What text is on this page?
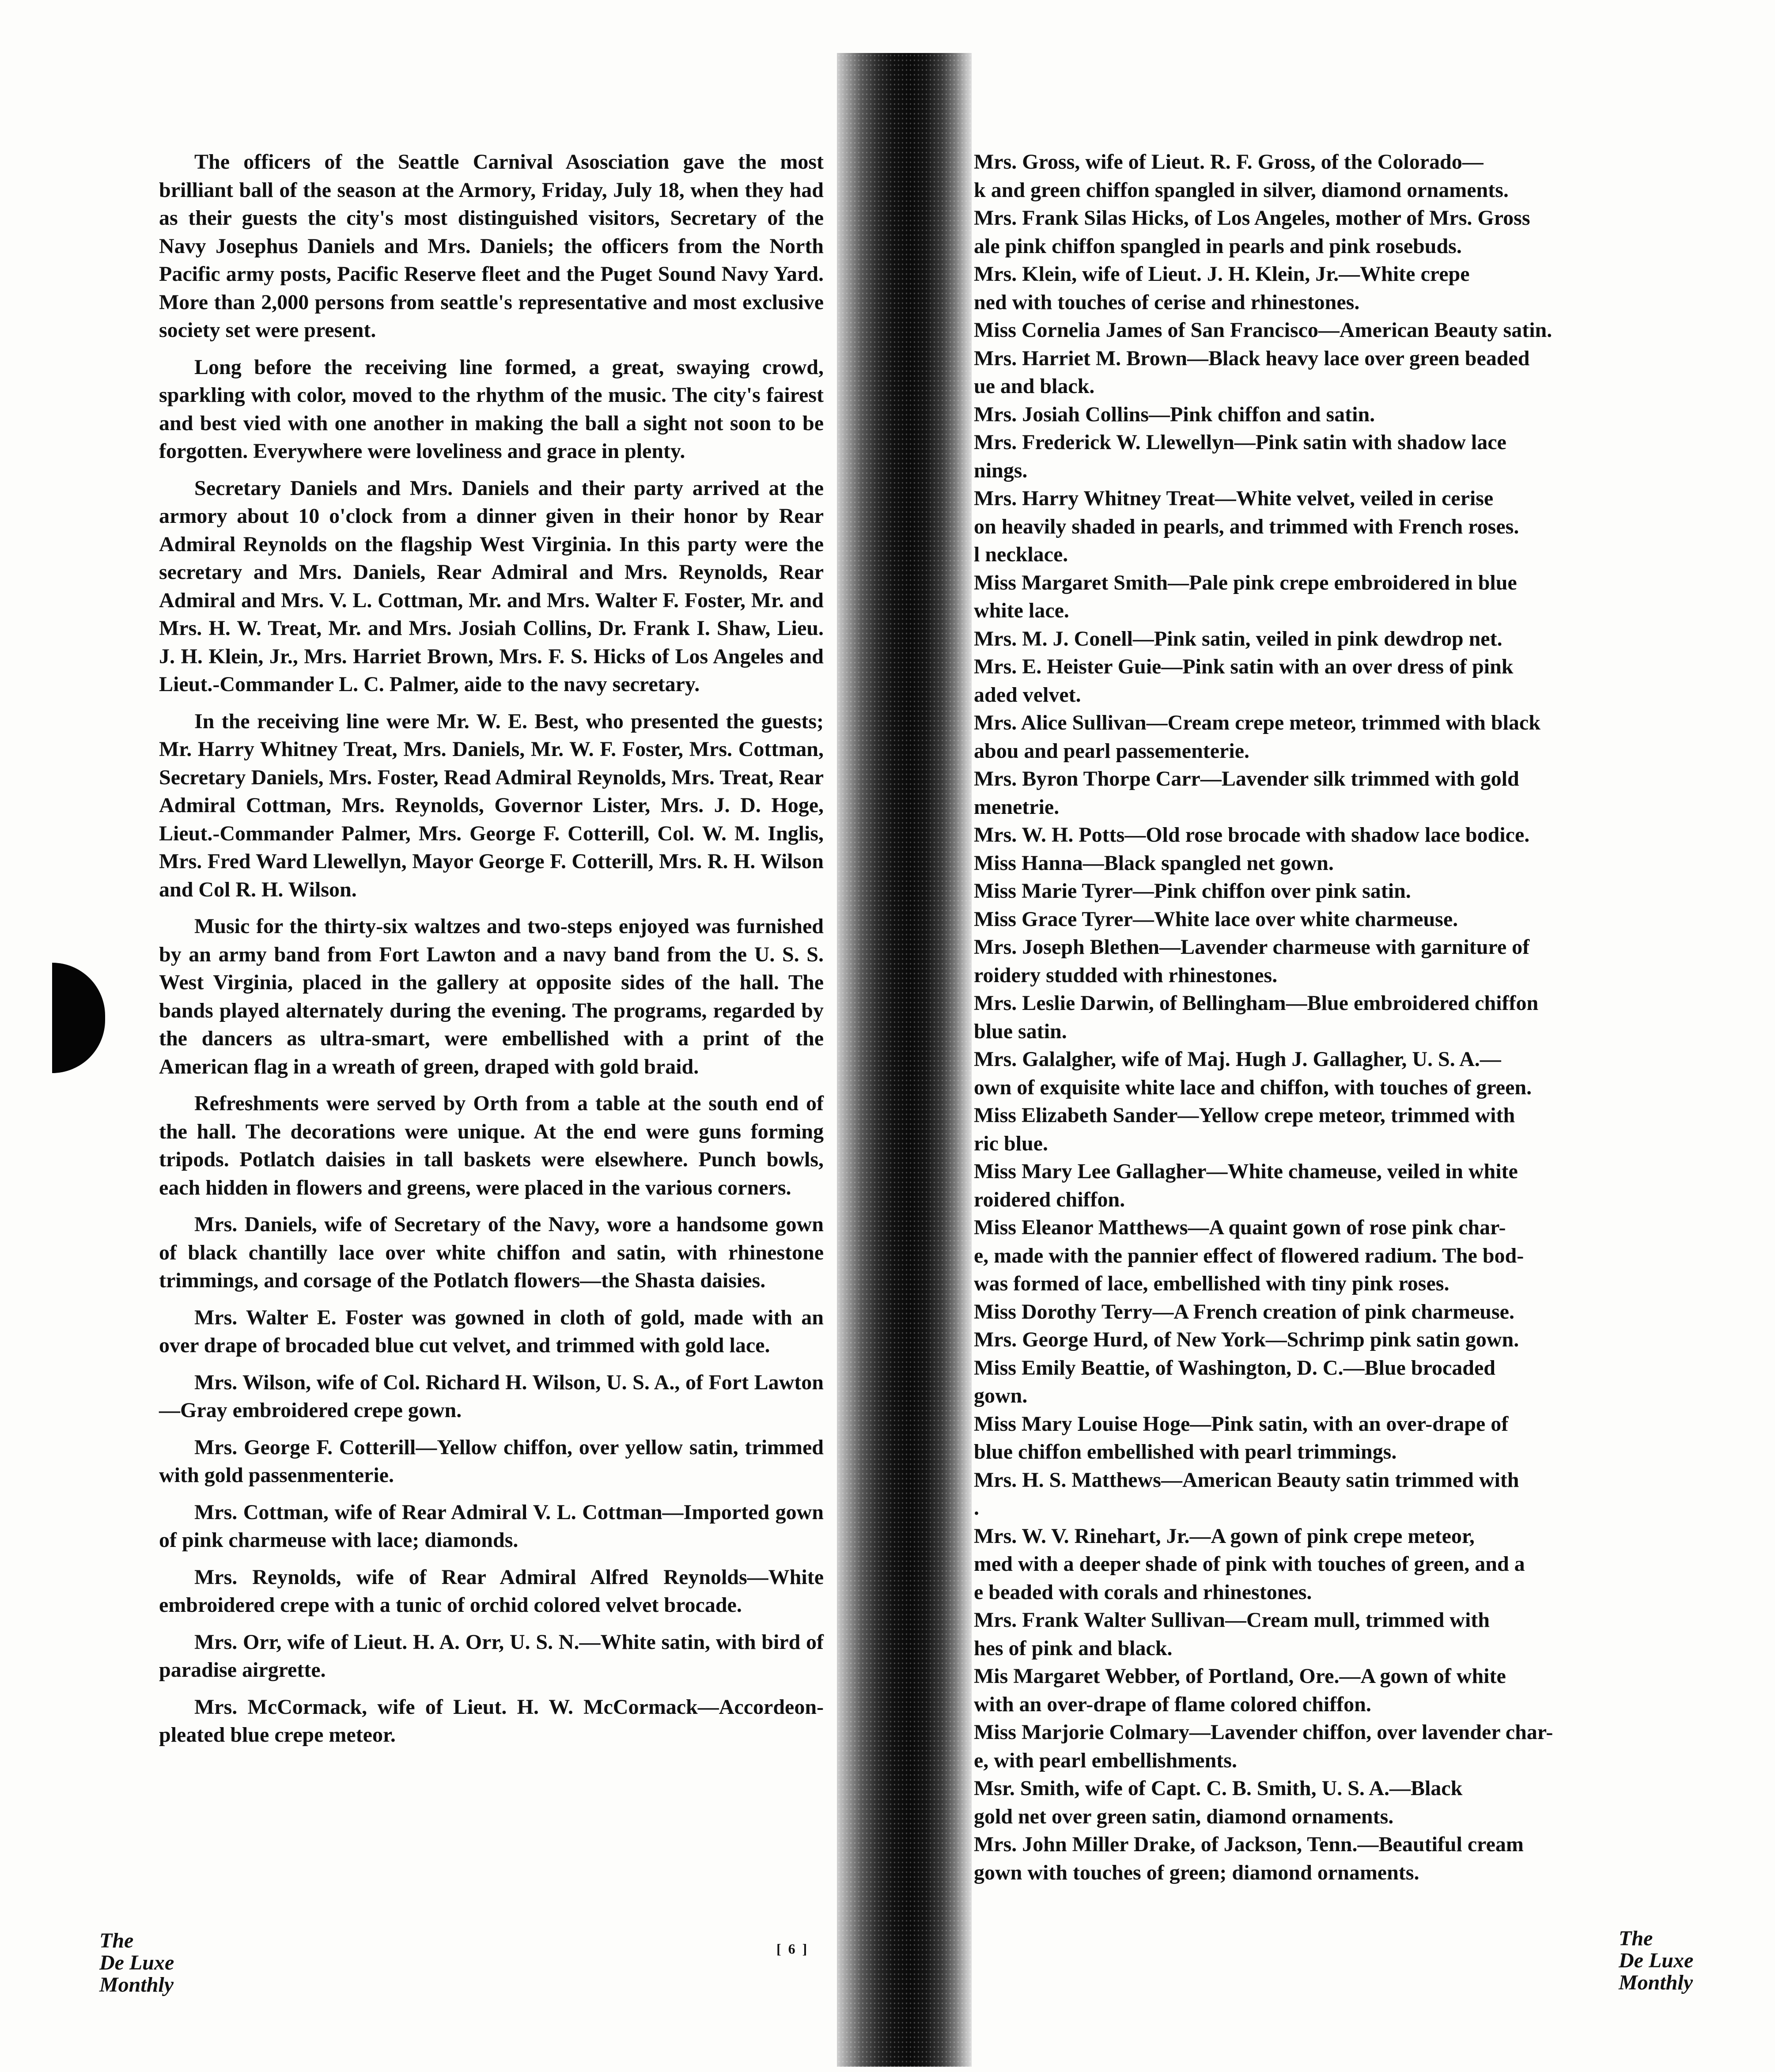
The officers of the Seattle Carnival Asosciation gave the most brilliant ball of the season at the Armory, Friday, July 18, when they had as their guests the city's most distinguished visitors, Secretary of the Navy Josephus Daniels and Mrs. Daniels; the officers from the North Pacific army posts, Pacific Reserve fleet and the Puget Sound Navy Yard. More than 2,000 persons from seattle's representative and most exclusive society set were present.

Long before the receiving line formed, a great, swaying crowd, sparkling with color, moved to the rhythm of the music. The city's fairest and best vied with one another in making the ball a sight not soon to be forgotten. Everywhere were loveliness and grace in plenty.

Secretary Daniels and Mrs. Daniels and their party arrived at the armory about 10 o'clock from a dinner given in their honor by Rear Admiral Reynolds on the flagship West Virginia. In this party were the secretary and Mrs. Daniels, Rear Admiral and Mrs. Reynolds, Rear Admiral and Mrs. V. L. Cottman, Mr. and Mrs. Walter F. Foster, Mr. and Mrs. H. W. Treat, Mr. and Mrs. Josiah Collins, Dr. Frank I. Shaw, Lieu. J. H. Klein, Jr., Mrs. Harriet Brown, Mrs. F. S. Hicks of Los Angeles and Lieut.-Commander L. C. Palmer, aide to the navy secretary.

In the receiving line were Mr. W. E. Best, who presented the guests; Mr. Harry Whitney Treat, Mrs. Daniels, Mr. W. F. Foster, Mrs. Cottman, Secretary Daniels, Mrs. Foster, Read Admiral Reynolds, Mrs. Treat, Rear Admiral Cottman, Mrs. Reynolds, Governor Lister, Mrs. J. D. Hoge, Lieut.-Commander Palmer, Mrs. George F. Cotterill, Col. W. M. Inglis, Mrs. Fred Ward Llewellyn, Mayor George F. Cotterill, Mrs. R. H. Wilson and Col R. H. Wilson.

Music for the thirty-six waltzes and two-steps enjoyed was furnished by an army band from Fort Lawton and a navy band from the U. S. S. West Virginia, placed in the gallery at opposite sides of the hall. The bands played alternately during the evening. The programs, regarded by the dancers as ultra-smart, were embellished with a print of the American flag in a wreath of green, draped with gold braid.

Refreshments were served by Orth from a table at the south end of the hall. The decorations were unique. At the end were guns forming tripods. Potlatch daisies in tall baskets were elsewhere. Punch bowls, each hidden in flowers and greens, were placed in the various corners.

Mrs. Daniels, wife of Secretary of the Navy, wore a handsome gown of black chantilly lace over white chiffon and satin, with rhinestone trimmings, and corsage of the Potlatch flowers—the Shasta daisies.

Mrs. Walter E. Foster was gowned in cloth of gold, made with an over drape of brocaded blue cut velvet, and trimmed with gold lace.

Mrs. Wilson, wife of Col. Richard H. Wilson, U. S. A., of Fort Lawton—Gray embroidered crepe gown.

Mrs. George F. Cotterill—Yellow chiffon, over yellow satin, trimmed with gold passenmenterie.

Mrs. Cottman, wife of Rear Admiral V. L. Cottman—Imported gown of pink charmeuse with lace; diamonds.

Mrs. Reynolds, wife of Rear Admiral Alfred Reynolds—White embroidered crepe with a tunic of orchid colored velvet brocade.

Mrs. Orr, wife of Lieut. H. A. Orr, U. S. N.—White satin, with bird of paradise airgrette.

Mrs. McCormack, wife of Lieut. H. W. McCormack—Accordeon-pleated blue crepe meteor.

Mrs. Gross, wife of Lieut. R. F. Gross, of the Colorado—

k and green chiffon spangled in silver, diamond ornaments.

Mrs. Frank Silas Hicks, of Los Angeles, mother of Mrs. Gross

ale pink chiffon spangled in pearls and pink rosebuds.

Mrs. Klein, wife of Lieut. J. H. Klein, Jr.—White crepe

ned with touches of cerise and rhinestones.

Miss Cornelia James of San Francisco—American Beauty satin.

Mrs. Harriet M. Brown—Black heavy lace over green beaded

ue and black.

Mrs. Josiah Collins—Pink chiffon and satin.

Mrs. Frederick W. Llewellyn—Pink satin with shadow lace

nings.

Mrs. Harry Whitney Treat—White velvet, veiled in cerise

on heavily shaded in pearls, and trimmed with French roses.

l necklace.

Miss Margaret Smith—Pale pink crepe embroidered in blue

white lace.

Mrs. M. J. Conell—Pink satin, veiled in pink dewdrop net.

Mrs. E. Heister Guie—Pink satin with an over dress of pink

aded velvet.

Mrs. Alice Sullivan—Cream crepe meteor, trimmed with black

abou and pearl passementerie.

Mrs. Byron Thorpe Carr—Lavender silk trimmed with gold

menetrie.

Mrs. W. H. Potts—Old rose brocade with shadow lace bodice.

Miss Hanna—Black spangled net gown.

Miss Marie Tyrer—Pink chiffon over pink satin.

Miss Grace Tyrer—White lace over white charmeuse.

Mrs. Joseph Blethen—Lavender charmeuse with garniture of

roidery studded with rhinestones.

Mrs. Leslie Darwin, of Bellingham—Blue embroidered chiffon

blue satin.

Mrs. Galalgher, wife of Maj. Hugh J. Gallagher, U. S. A.—

own of exquisite white lace and chiffon, with touches of green.

Miss Elizabeth Sander—Yellow crepe meteor, trimmed with

ric blue.

Miss Mary Lee Gallagher—White chameuse, veiled in white

roidered chiffon.

Miss Eleanor Matthews—A quaint gown of rose pink char-

e, made with the pannier effect of flowered radium. The bod-

was formed of lace, embellished with tiny pink roses.

Miss Dorothy Terry—A French creation of pink charmeuse.

Mrs. George Hurd, of New York—Schrimp pink satin gown.

Miss Emily Beattie, of Washington, D. C.—Blue brocaded

gown.

Miss Mary Louise Hoge—Pink satin, with an over-drape of

blue chiffon embellished with pearl trimmings.

Mrs. H. S. Matthews—American Beauty satin trimmed with

.

Mrs. W. V. Rinehart, Jr.—A gown of pink crepe meteor,

med with a deeper shade of pink with touches of green, and a

e beaded with corals and rhinestones.

Mrs. Frank Walter Sullivan—Cream mull, trimmed with

hes of pink and black.

Mis Margaret Webber, of Portland, Ore.—A gown of white

with an over-drape of flame colored chiffon.

Miss Marjorie Colmary—Lavender chiffon, over lavender char-

e, with pearl embellishments.

Msr. Smith, wife of Capt. C. B. Smith, U. S. A.—Black

gold net over green satin, diamond ornaments.

Mrs. John Miller Drake, of Jackson, Tenn.—Beautiful cream

gown with touches of green; diamond ornaments.

The
De Luxe
Monthly
[ 6 ]	The
De Luxe
Monthly
